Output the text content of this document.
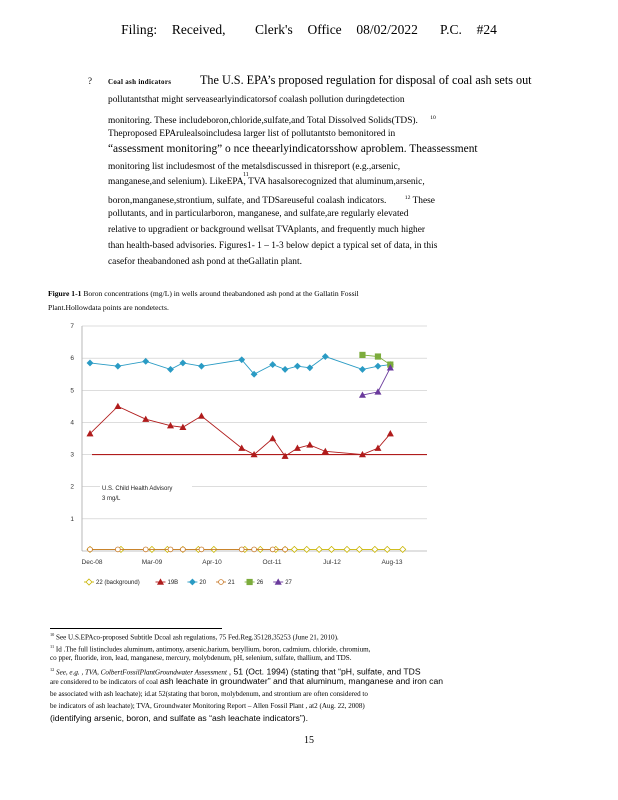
Filing:  Received,    Clerk's  Office  08/02/2022   P.C.  #24
? Coal ash indicators The U.S. EPA’s proposed regulation for disposal of coal ash sets out
pollutantsthat might serveasearlyindicatorsof coalash pollution duringdetection
monitoring. These includeboron,chloride,sulfate,and Total Dissolved Solids(TDS). $^{10}$
Theproposed EPArulealsoincludesa larger list of pollutantsto bemonitored in
“assessment monitoring” o nce theearlyindicatorsshow aproblem. Theassessment
monitoring list includesmost of the metalsdiscussed in thisreport (e.g.,arsenic,
manganese,and selenium). LikeEPA, TVA hasalsorecognized that aluminum,arsenic,
11
boron,manganese,strontium, sulfate, and TDSareuseful coalash indicators.	$^{12}$ These
pollutants, and in particularboron, manganese, and sulfate,are regularly elevated
relative to upgradient or background wellsat TVAplants, and frequently much higher
than health-based advisories. Figures1- 1 – 1-3 below depict a typical set of data, in this
casefor theabandoned ash pond at theGallatin plant.
Figure 1-1 Boron concentrations (mg/L) in wells around theabandoned ash pond at the Gallatin Fossil
Plant.Hollowdata points are nondetects.
1
2
3
4
5
6
7
Dec-08	Mar-09	Apr-10	Oct-11	Jul-12	Aug-13
U.S. Child Health Advisory
3 mg/L
22 (background)	19B	20	21	26	27
$^{10}$ See U.S.EPAco-proposed Subtitle Dcoal ash regulations, 75 Fed.Reg.35128,35253 (June 21, 2010).
$^{11}$ Id .The full listincludes aluminum, antimony, arsenic,barium, beryllium, boron, cadmium, chloride, chromium,
co pper, fluoride, iron, lead, manganese, mercury, molybdenum, pH, selenium, sulfate, thallium, and TDS.
$^{12}$ See, e.g. , TVA, ColbertFossilPlantGroundwater Assessment , 51 (Oct. 1994) (stating that “pH, sulfate, and TDS
are considered to be indicators of coal ash leachate in groundwater” and that aluminum, manganese and iron can
be associated with ash leachate); id.at 52(stating that boron, molybdenum, and strontium are often considered to
be indicators of ash leachate); TVA, Groundwater Monitoring Report – Allen Fossil Plant , at2 (Aug. 22, 2008)
(identifying arsenic, boron, and sulfate as “ash leachate indicators”).
15
